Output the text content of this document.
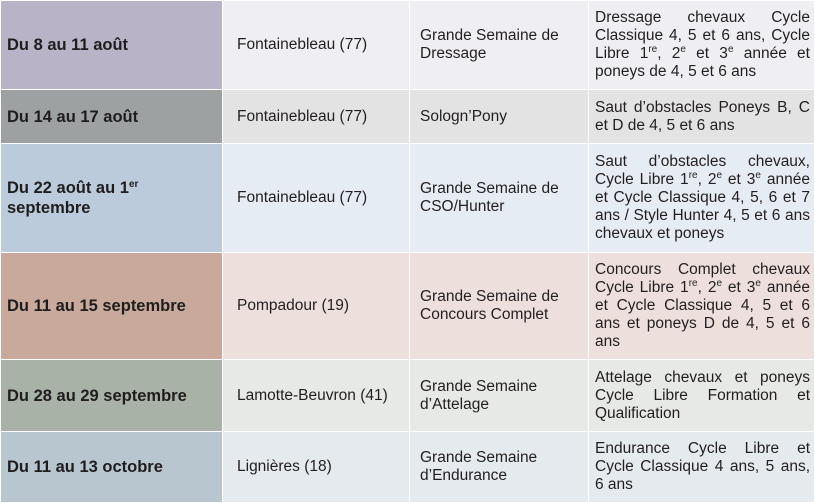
Du 8 au 11 août	Fontainebleau (77)	Grande Semaine de Dressage	Dressage chevaux Cycle Classique 4, 5 et 6 ans, Cycle Libre 1re, 2e et 3e année et poneys de 4, 5 et 6 ans
Du 14 au 17 août	Fontainebleau (77)	Sologn’Pony	Saut d’obstacles Poneys B, C et D de 4, 5 et 6 ans
Du 22 août au 1er septembre	Fontainebleau (77)	Grande Semaine de CSO/Hunter	Saut d’obstacles chevaux, Cycle Libre 1re, 2e et 3e année et Cycle Classique 4, 5, 6 et 7 ans / Style Hunter 4, 5 et 6 ans chevaux et poneys
Du 11 au 15 septembre	Pompadour (19)	Grande Semaine de Concours Complet	Concours Complet chevaux Cycle Libre 1re, 2e et 3e année et Cycle Classique 4, 5 et 6 ans et poneys D de 4, 5 et 6 ans
Du 28 au 29 septembre	Lamotte-Beuvron (41)	Grande Semaine d’Attelage	Attelage chevaux et poneys Cycle Libre Formation et Qualification
Du 11 au 13 octobre	Lignières (18)	Grande Semaine d’Endurance	Endurance Cycle Libre et Cycle Classique 4 ans, 5 ans, 6 ans
